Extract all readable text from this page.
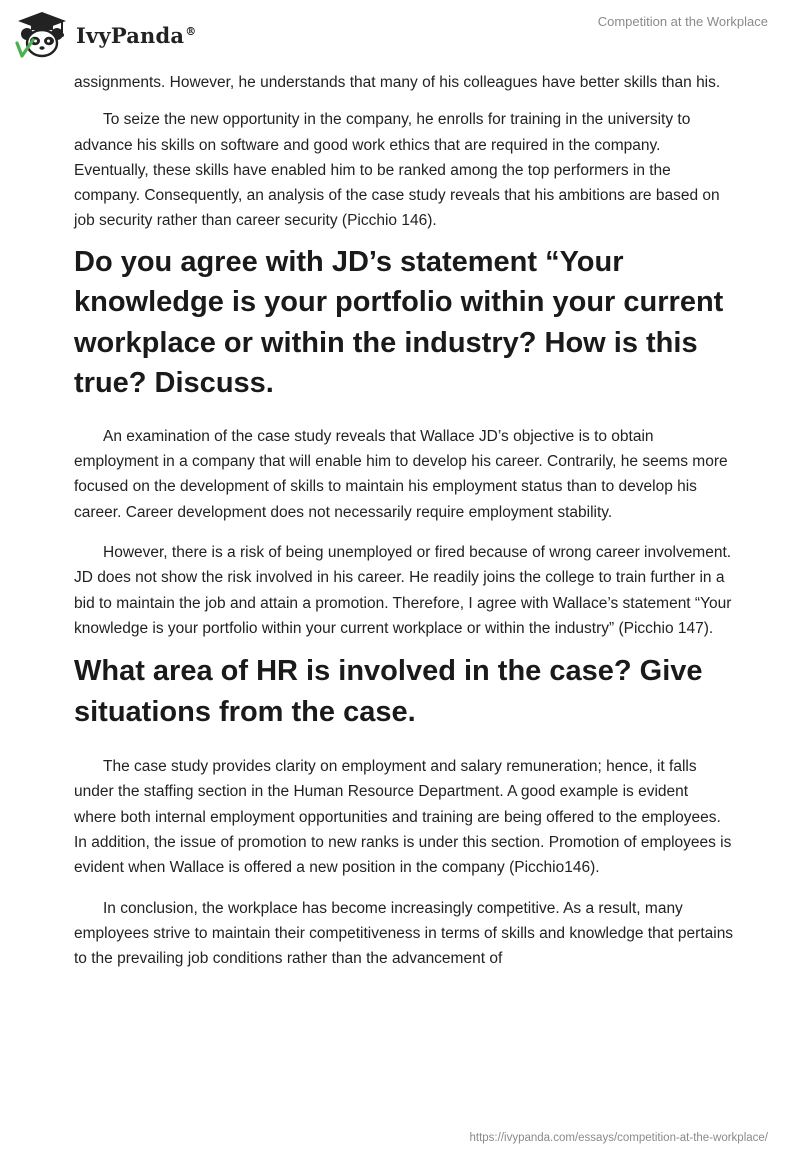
IvyPanda®
Competition at the Workplace

assignments. However, he understands that many of his colleagues have better skills than his.

To seize the new opportunity in the company, he enrolls for training in the university to advance his skills on software and good work ethics that are required in the company. Eventually, these skills have enabled him to be ranked among the top performers in the company. Consequently, an analysis of the case study reveals that his ambitions are based on job security rather than career security (Picchio 146).

Do you agree with JD’s statement “Your knowledge is your portfolio within your current workplace or within the industry? How is this true? Discuss.

An examination of the case study reveals that Wallace JD’s objective is to obtain employment in a company that will enable him to develop his career. Contrarily, he seems more focused on the development of skills to maintain his employment status than to develop his career. Career development does not necessarily require employment stability.

However, there is a risk of being unemployed or fired because of wrong career involvement. JD does not show the risk involved in his career. He readily joins the college to train further in a bid to maintain the job and attain a promotion. Therefore, I agree with Wallace’s statement “Your knowledge is your portfolio within your current workplace or within the industry” (Picchio 147).

What area of HR is involved in the case? Give situations from the case.

The case study provides clarity on employment and salary remuneration; hence, it falls under the staffing section in the Human Resource Department. A good example is evident where both internal employment opportunities and training are being offered to the employees. In addition, the issue of promotion to new ranks is under this section. Promotion of employees is evident when Wallace is offered a new position in the company (Picchio146).

In conclusion, the workplace has become increasingly competitive. As a result, many employees strive to maintain their competitiveness in terms of skills and knowledge that pertains to the prevailing job conditions rather than the advancement of

https://ivypanda.com/essays/competition-at-the-workplace/
